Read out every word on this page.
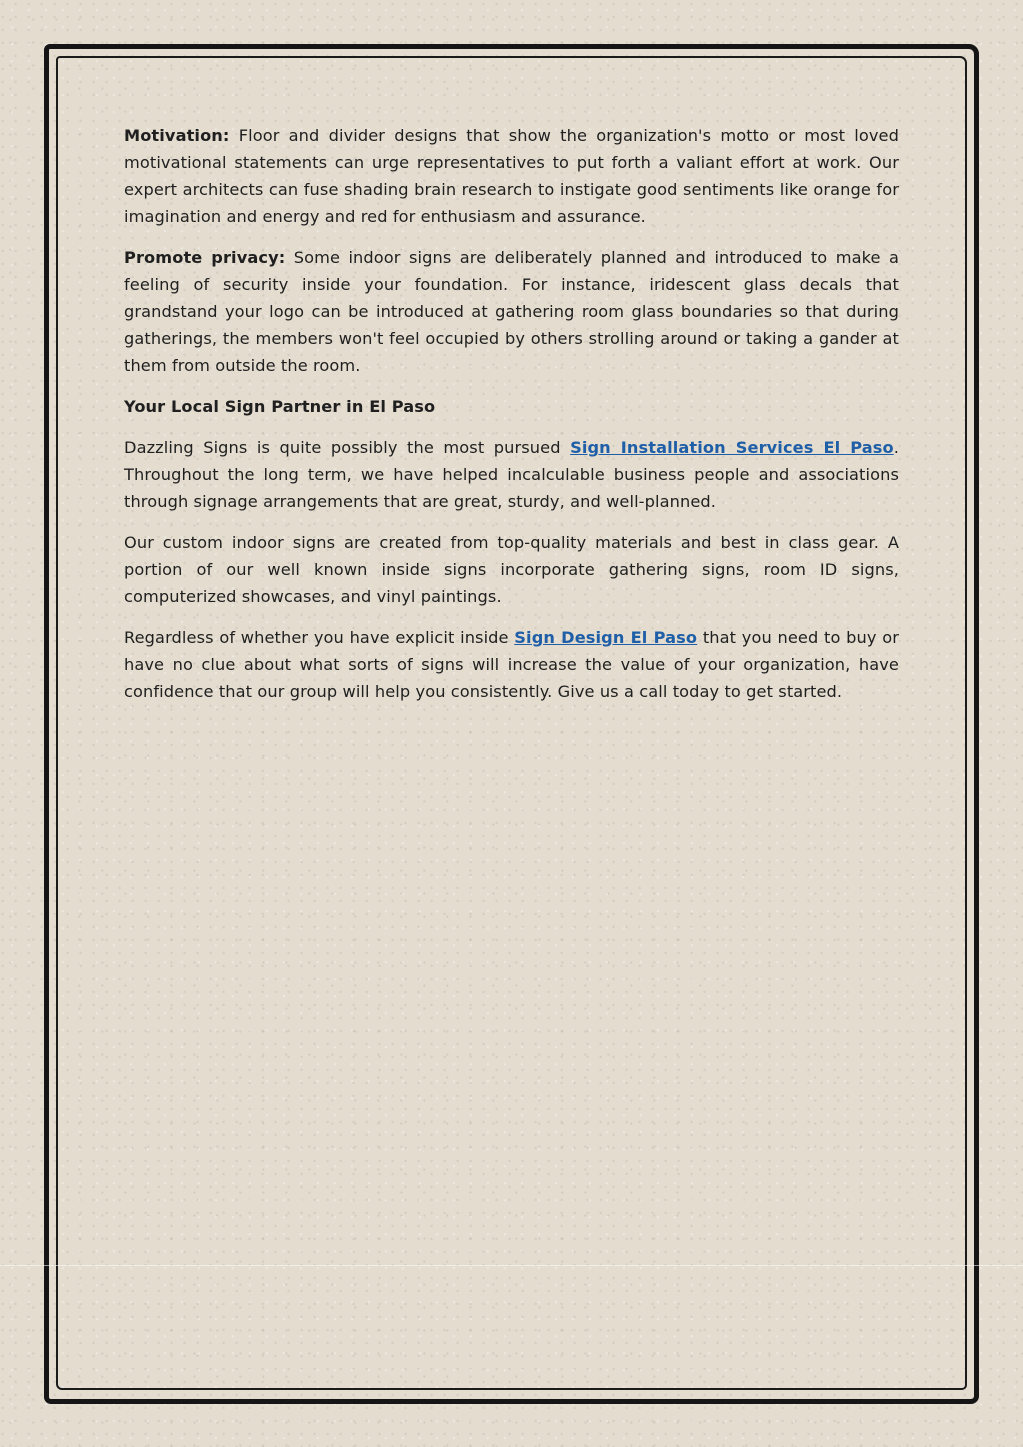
Motivation: Floor and divider designs that show the organization's motto or most loved motivational statements can urge representatives to put forth a valiant effort at work. Our expert architects can fuse shading brain research to instigate good sentiments like orange for imagination and energy and red for enthusiasm and assurance.

Promote privacy: Some indoor signs are deliberately planned and introduced to make a feeling of security inside your foundation. For instance, iridescent glass decals that grandstand your logo can be introduced at gathering room glass boundaries so that during gatherings, the members won't feel occupied by others strolling around or taking a gander at them from outside the room.

Your Local Sign Partner in El Paso

Dazzling Signs is quite possibly the most pursued Sign Installation Services El Paso. Throughout the long term, we have helped incalculable business people and associations through signage arrangements that are great, sturdy, and well-planned.

Our custom indoor signs are created from top-quality materials and best in class gear. A portion of our well known inside signs incorporate gathering signs, room ID signs, computerized showcases, and vinyl paintings.

Regardless of whether you have explicit inside Sign Design El Paso that you need to buy or have no clue about what sorts of signs will increase the value of your organization, have confidence that our group will help you consistently. Give us a call today to get started.
